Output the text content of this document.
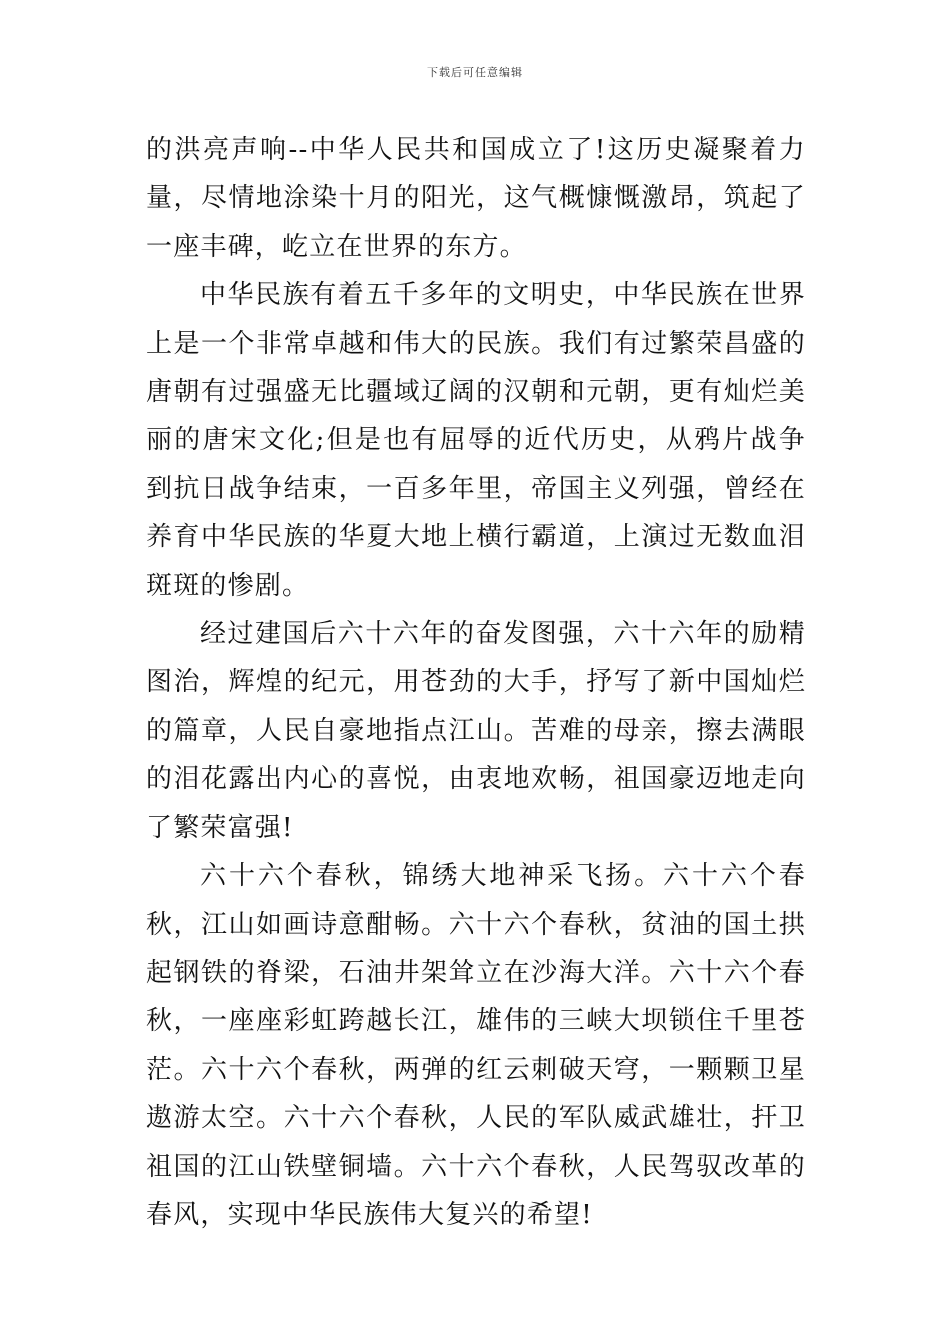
下载后可任意编辑

的洪亮声响--中华人民共和国成立了!这历史凝聚着力量，尽情地涂染十月的阳光，这气概慷慨激昂，筑起了一座丰碑，屹立在世界的东方。

中华民族有着五千多年的文明史，中华民族在世界上是一个非常卓越和伟大的民族。我们有过繁荣昌盛的唐朝有过强盛无比疆域辽阔的汉朝和元朝，更有灿烂美丽的唐宋文化;但是也有屈辱的近代历史，从鸦片战争到抗日战争结束，一百多年里，帝国主义列强，曾经在养育中华民族的华夏大地上横行霸道，上演过无数血泪斑斑的惨剧。

经过建国后六十六年的奋发图强，六十六年的励精图治，辉煌的纪元，用苍劲的大手，抒写了新中国灿烂的篇章，人民自豪地指点江山。苦难的母亲，擦去满眼的泪花露出内心的喜悦，由衷地欢畅，祖国豪迈地走向了繁荣富强!

六十六个春秋，锦绣大地神采飞扬。六十六个春秋，江山如画诗意酣畅。六十六个春秋，贫油的国土拱起钢铁的脊梁，石油井架耸立在沙海大洋。六十六个春秋，一座座彩虹跨越长江，雄伟的三峡大坝锁住千里苍茫。六十六个春秋，两弹的红云刺破天穹，一颗颗卫星遨游太空。六十六个春秋，人民的军队威武雄壮，扞卫祖国的江山铁壁铜墙。六十六个春秋，人民驾驭改革的春风，实现中华民族伟大复兴的希望!
